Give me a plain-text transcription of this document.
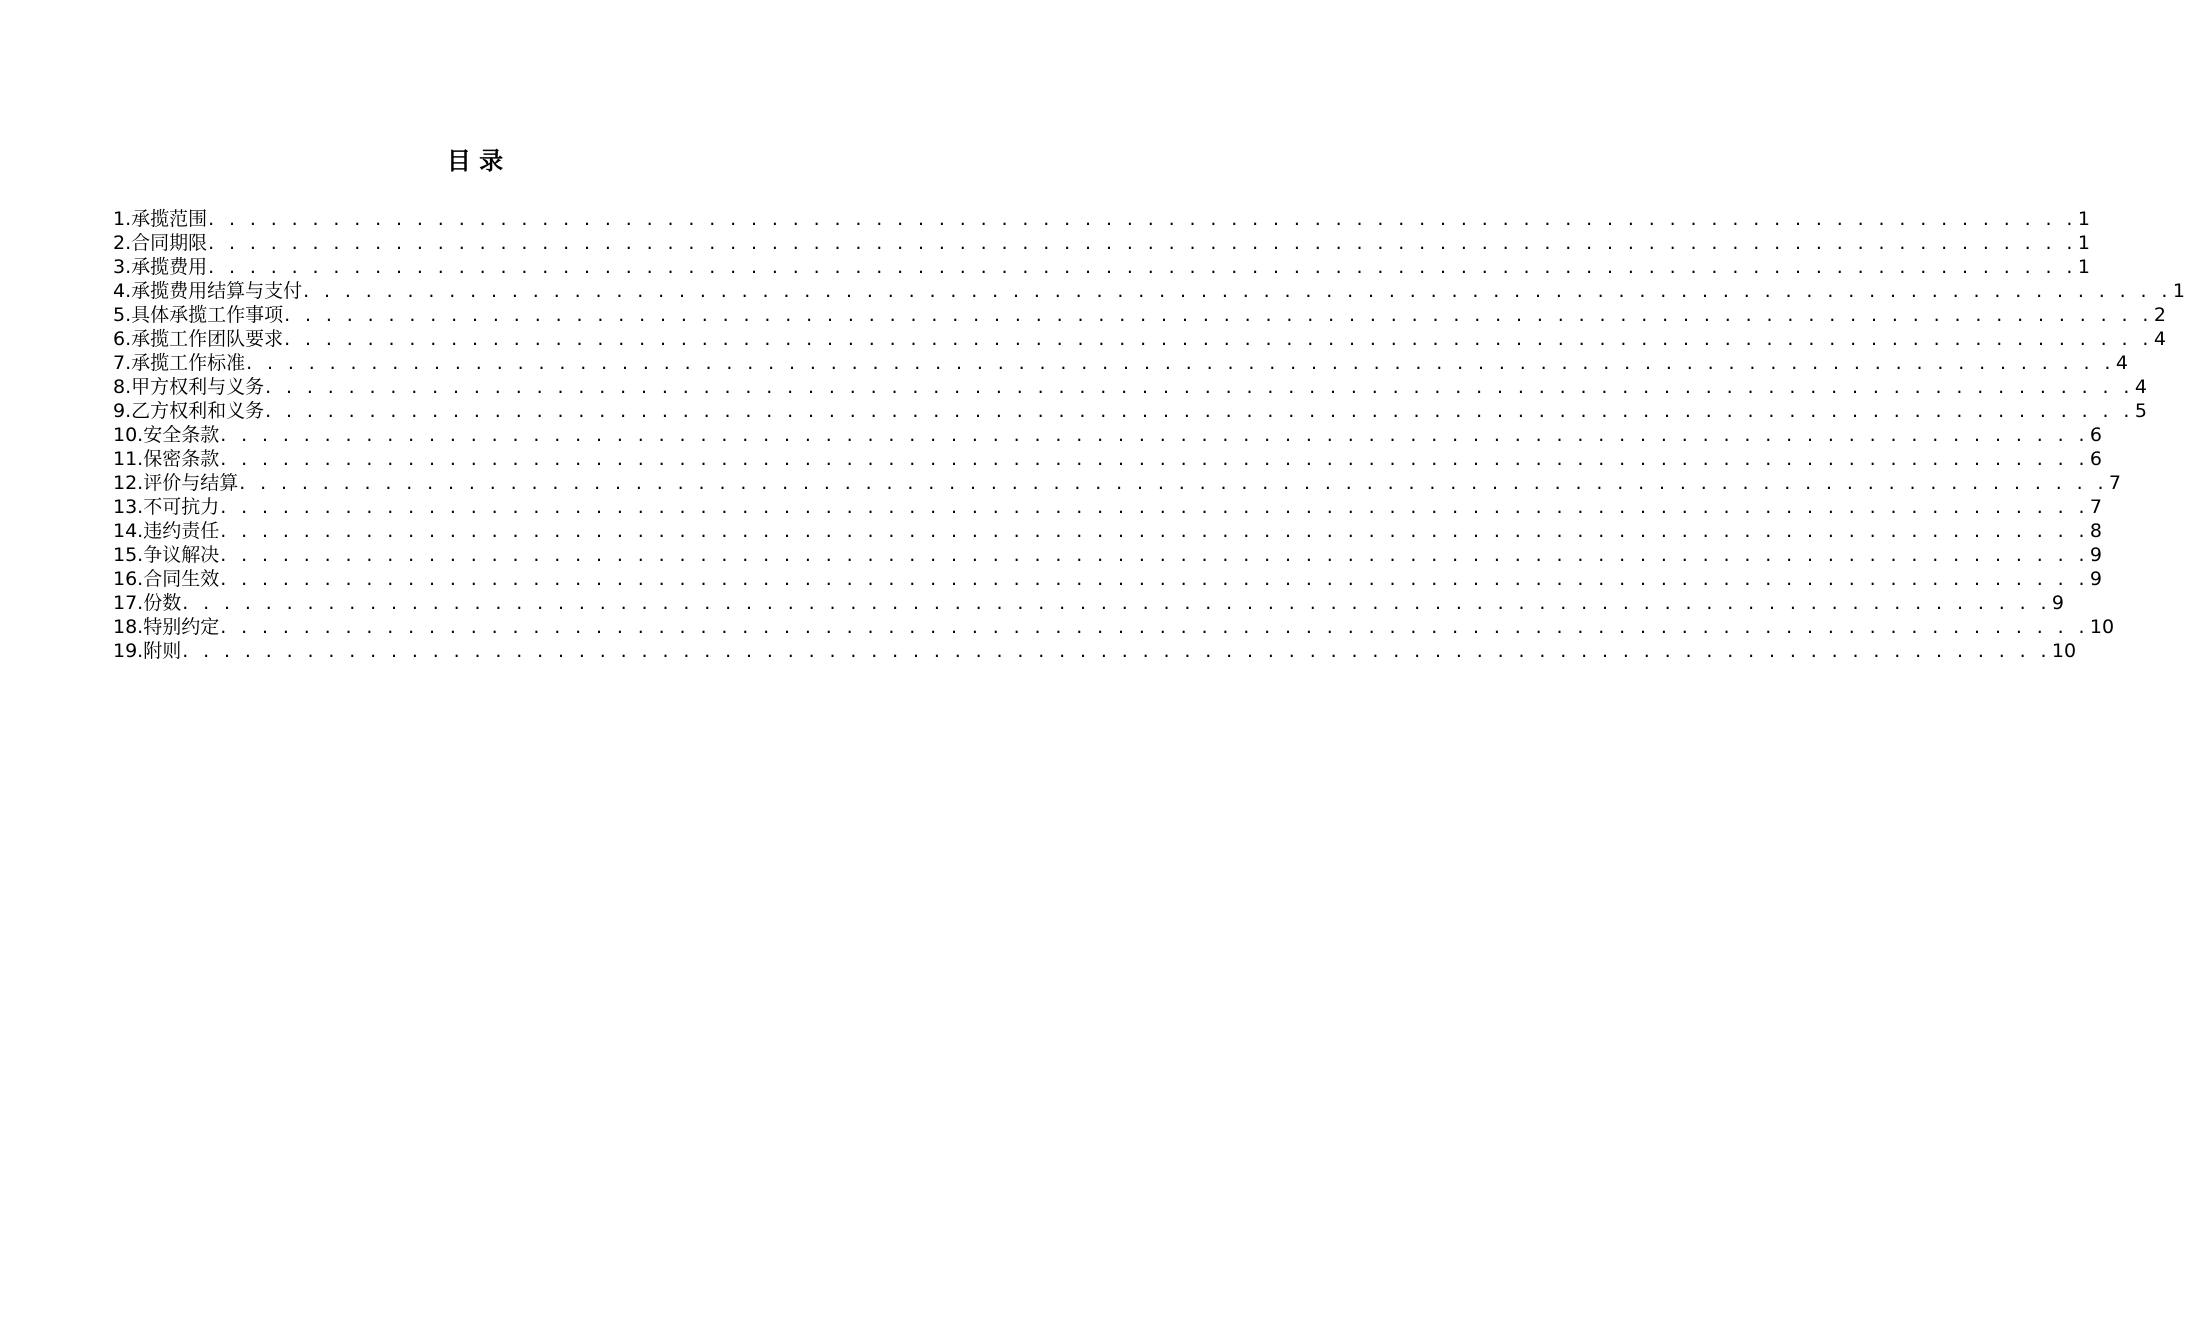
目 录
1.承揽范围 . . . . . . . . . . . . . . . . . . . . . . . . . . . . . . . . . . . . . . . . . . . . . . . . . . . . . . . . . . . . . . . . . . . . . . . . . . . . . . . . . . . . . . . . . . 1
2.合同期限 . . . . . . . . . . . . . . . . . . . . . . . . . . . . . . . . . . . . . . . . . . . . . . . . . . . . . . . . . . . . . . . . . . . . . . . . . . . . . . . . . . . . . . . . . . 1
3.承揽费用 . . . . . . . . . . . . . . . . . . . . . . . . . . . . . . . . . . . . . . . . . . . . . . . . . . . . . . . . . . . . . . . . . . . . . . . . . . . . . . . . . . . . . . . . . . 1
4.承揽费用结算与支付 . . . . . . . . . . . . . . . . . . . . . . . . . . . . . . . . . . . . . . . . . . . . . . . . . . . . . . . . . . . . . . . . . . . . . . . . . . . . . . . . . . . . . . . . . . 1
5.具体承揽工作事项 . . . . . . . . . . . . . . . . . . . . . . . . . . . . . . . . . . . . . . . . . . . . . . . . . . . . . . . . . . . . . . . . . . . . . . . . . . . . . . . . . . . . . . . . . . 2
6.承揽工作团队要求 . . . . . . . . . . . . . . . . . . . . . . . . . . . . . . . . . . . . . . . . . . . . . . . . . . . . . . . . . . . . . . . . . . . . . . . . . . . . . . . . . . . . . . . . . . 4
7.承揽工作标准 . . . . . . . . . . . . . . . . . . . . . . . . . . . . . . . . . . . . . . . . . . . . . . . . . . . . . . . . . . . . . . . . . . . . . . . . . . . . . . . . . . . . . . . . . . 4
8.甲方权利与义务 . . . . . . . . . . . . . . . . . . . . . . . . . . . . . . . . . . . . . . . . . . . . . . . . . . . . . . . . . . . . . . . . . . . . . . . . . . . . . . . . . . . . . . . . . . 4
9.乙方权利和义务 . . . . . . . . . . . . . . . . . . . . . . . . . . . . . . . . . . . . . . . . . . . . . . . . . . . . . . . . . . . . . . . . . . . . . . . . . . . . . . . . . . . . . . . . . . 5
10.安全条款 . . . . . . . . . . . . . . . . . . . . . . . . . . . . . . . . . . . . . . . . . . . . . . . . . . . . . . . . . . . . . . . . . . . . . . . . . . . . . . . . . . . . . . . . . . 6
11.保密条款 . . . . . . . . . . . . . . . . . . . . . . . . . . . . . . . . . . . . . . . . . . . . . . . . . . . . . . . . . . . . . . . . . . . . . . . . . . . . . . . . . . . . . . . . . . 6
12.评价与结算 . . . . . . . . . . . . . . . . . . . . . . . . . . . . . . . . . . . . . . . . . . . . . . . . . . . . . . . . . . . . . . . . . . . . . . . . . . . . . . . . . . . . . . . . . . 7
13.不可抗力 . . . . . . . . . . . . . . . . . . . . . . . . . . . . . . . . . . . . . . . . . . . . . . . . . . . . . . . . . . . . . . . . . . . . . . . . . . . . . . . . . . . . . . . . . . 7
14.违约责任 . . . . . . . . . . . . . . . . . . . . . . . . . . . . . . . . . . . . . . . . . . . . . . . . . . . . . . . . . . . . . . . . . . . . . . . . . . . . . . . . . . . . . . . . . . 8
15.争议解决 . . . . . . . . . . . . . . . . . . . . . . . . . . . . . . . . . . . . . . . . . . . . . . . . . . . . . . . . . . . . . . . . . . . . . . . . . . . . . . . . . . . . . . . . . . 9
16.合同生效 . . . . . . . . . . . . . . . . . . . . . . . . . . . . . . . . . . . . . . . . . . . . . . . . . . . . . . . . . . . . . . . . . . . . . . . . . . . . . . . . . . . . . . . . . . 9
17.份数 . . . . . . . . . . . . . . . . . . . . . . . . . . . . . . . . . . . . . . . . . . . . . . . . . . . . . . . . . . . . . . . . . . . . . . . . . . . . . . . . . . . . . . . . . . 9
18.特别约定 . . . . . . . . . . . . . . . . . . . . . . . . . . . . . . . . . . . . . . . . . . . . . . . . . . . . . . . . . . . . . . . . . . . . . . . . . . . . . . . . . . . . . . . . . . 10
19.附则 . . . . . . . . . . . . . . . . . . . . . . . . . . . . . . . . . . . . . . . . . . . . . . . . . . . . . . . . . . . . . . . . . . . . . . . . . . . . . . . . . . . . . . . . . . 10
